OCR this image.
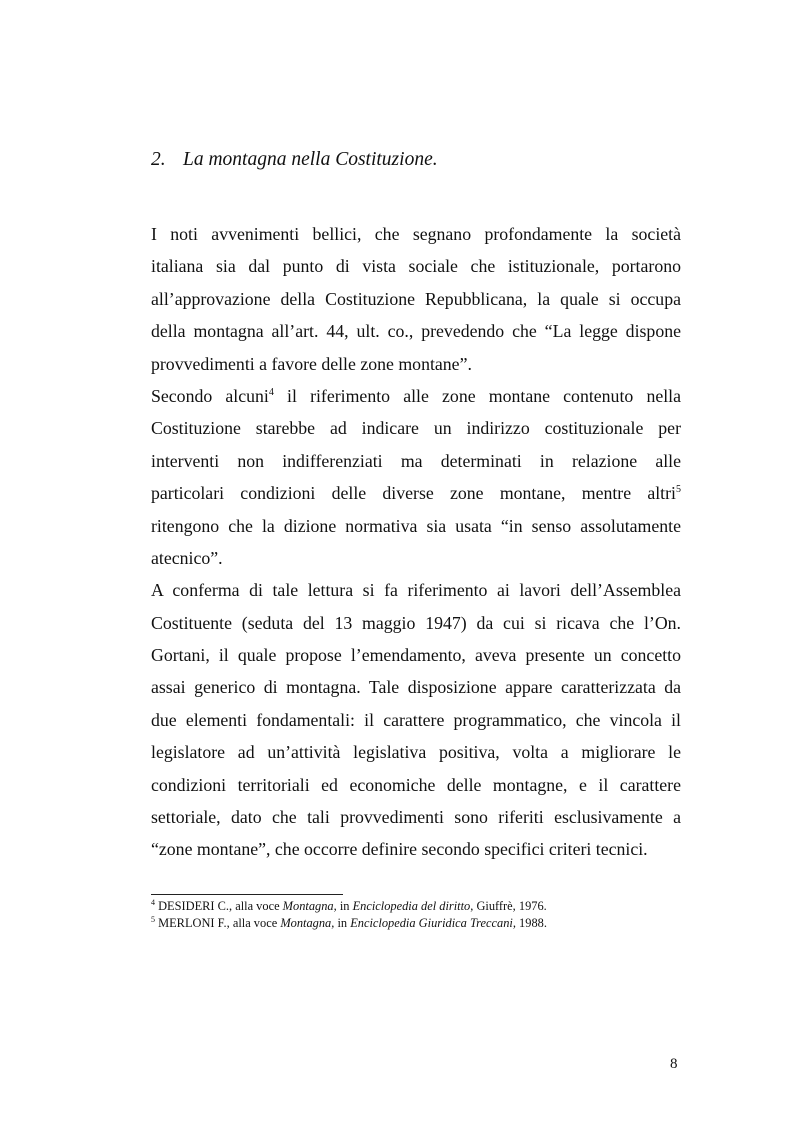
2. La montagna nella Costituzione.
I noti avvenimenti bellici, che segnano profondamente la società
italiana sia dal punto di vista sociale che istituzionale, portarono
all’approvazione della Costituzione Repubblicana, la quale si occupa
della montagna all’art. 44, ult. co., prevedendo che “La legge dispone
provvedimenti a favore delle zone montane”.
Secondo alcuni$^4$ il riferimento alle zone montane contenuto nella
Costituzione starebbe ad indicare un indirizzo costituzionale per
interventi non indifferenziati ma determinati in relazione alle
particolari condizioni delle diverse zone montane, mentre altri$^5$
ritengono che la dizione normativa sia usata “in senso assolutamente
atecnico”.
A conferma di tale lettura si fa riferimento ai lavori dell’Assemblea
Costituente (seduta del 13 maggio 1947) da cui si ricava che l’On.
Gortani, il quale propose l’emendamento, aveva presente un concetto
assai generico di montagna. Tale disposizione appare caratterizzata da
due elementi fondamentali: il carattere programmatico, che vincola il
legislatore ad un’attività legislativa positiva, volta a migliorare le
condizioni territoriali ed economiche delle montagne, e il carattere
settoriale, dato che tali provvedimenti sono riferiti esclusivamente a
“zone montane”, che occorre definire secondo specifici criteri tecnici.
$^4$ DESIDERI C., alla voce Montagna, in Enciclopedia del diritto, Giuffrè, 1976.
$^5$ MERLONI F., alla voce Montagna, in Enciclopedia Giuridica Treccani, 1988.
8
